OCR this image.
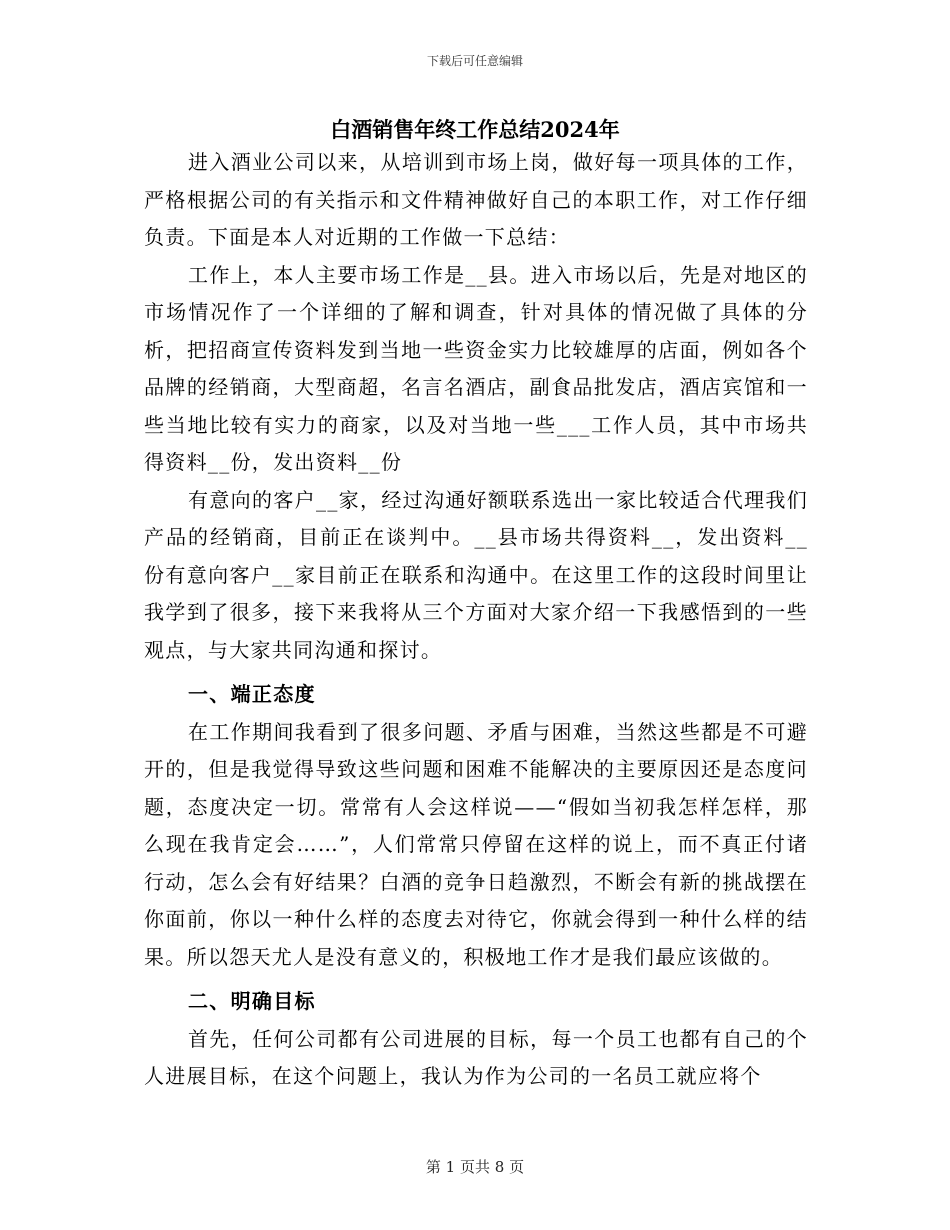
下载后可任意编辑
白酒销售年终工作总结2024年

进入酒业公司以来，从培训到市场上岗，做好每一项具体的工作，严格根据公司的有关指示和文件精神做好自己的本职工作，对工作仔细负责。下面是本人对近期的工作做一下总结：

工作上，本人主要市场工作是__县。进入市场以后，先是对地区的市场情况作了一个详细的了解和调查，针对具体的情况做了具体的分析，把招商宣传资料发到当地一些资金实力比较雄厚的店面，例如各个品牌的经销商，大型商超，名言名酒店，副食品批发店，酒店宾馆和一些当地比较有实力的商家，以及对当地一些___工作人员，其中市场共得资料__份，发出资料__份

有意向的客户__家，经过沟通好额联系选出一家比较适合代理我们产品的经销商，目前正在谈判中。__县市场共得资料__，发出资料__份有意向客户__家目前正在联系和沟通中。在这里工作的这段时间里让我学到了很多，接下来我将从三个方面对大家介绍一下我感悟到的一些观点，与大家共同沟通和探讨。

一、端正态度

在工作期间我看到了很多问题、矛盾与困难，当然这些都是不可避开的，但是我觉得导致这些问题和困难不能解决的主要原因还是态度问题，态度决定一切。常常有人会这样说——“假如当初我怎样怎样，那么现在我肯定会……”，人们常常只停留在这样的说上，而不真正付诸行动，怎么会有好结果？白酒的竞争日趋激烈，不断会有新的挑战摆在你面前，你以一种什么样的态度去对待它，你就会得到一种什么样的结果。所以怨天尤人是没有意义的，积极地工作才是我们最应该做的。

二、明确目标

首先，任何公司都有公司进展的目标，每一个员工也都有自己的个人进展目标，在这个问题上，我认为作为公司的一名员工就应将个

第 1 页共 8 页
